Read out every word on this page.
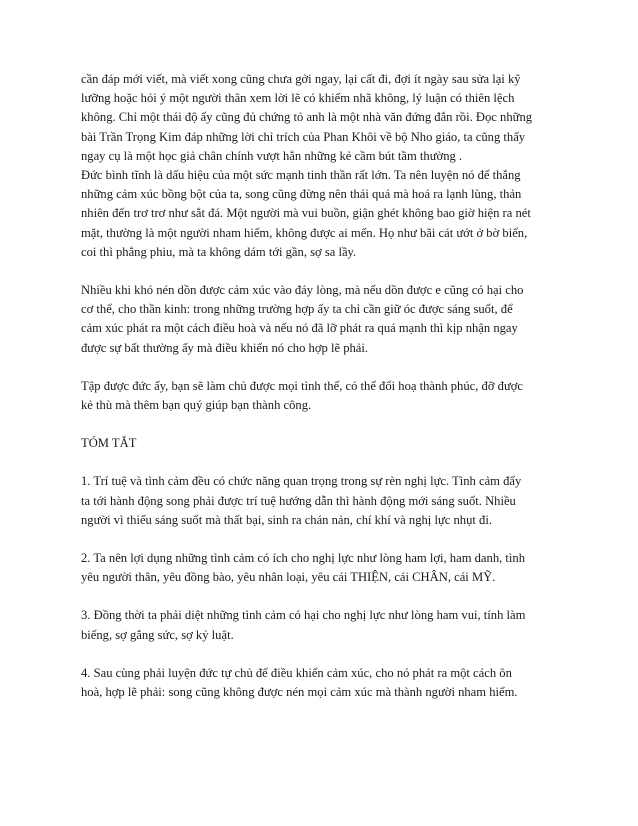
cần đáp mới viết, mà viết xong cũng chưa gởi ngay, lại cất đi, đợi ít ngày sau sửa lại kỹ
lưỡng hoặc hỏi ý một người thân xem lời lẽ có khiếm nhã không, lý luận có thiên lệch
không. Chỉ một thái độ ấy cũng đủ chứng tỏ anh là một nhà văn đứng đắn rồi. Đọc những
bài Trần Trọng Kim đáp những lời chỉ trích của Phan Khôi về bộ Nho giáo, ta cũng thấy
ngay cụ là một học giả chân chính vượt hẳn những kẻ cầm bút tầm thường .

Đức bình tĩnh là dấu hiệu của một sức mạnh tinh thần rất lớn. Ta nên luyện nó để thắng
những cảm xúc bồng bột của ta, song cũng đừng nên thái quá mà hoá ra lạnh lùng, thản
nhiên đến trơ trơ như sắt đá. Một người mà vui buồn, giận ghét không bao giờ hiện ra nét
mặt, thường là một người nham hiểm, không được ai mến. Họ như bãi cát ướt ở bờ biển,
coi thì phẳng phiu, mà ta không dám tới gần, sợ sa lầy.

Nhiều khi khó nén dồn được cảm xúc vào đáy lòng, mà nếu dồn được e cũng có hại cho
cơ thể, cho thần kinh: trong những trường hợp ấy ta chỉ cần giữ óc được sáng suốt, để
cảm xúc phát ra một cách điều hoà và nếu nó đã lỡ phát ra quá mạnh thì kịp nhận ngay
được sự bất thường ấy mà điều khiển nó cho hợp lẽ phải.

Tập được đức ấy, bạn sẽ làm chủ được mọi tình thế, có thể đổi hoạ thành phúc, đỡ được
kẻ thù mà thêm bạn quý giúp bạn thành công.

TÓM TẮT

1. Trí tuệ và tình cảm đều có chức năng quan trọng trong sự rèn nghị lực. Tình cảm đẩy
ta tới hành động song phải được trí tuệ hướng dẫn thì hành động mới sáng suốt. Nhiều
người vì thiếu sáng suốt mà thất bại, sinh ra chán nản, chí khí và nghị lực nhụt đi.

2. Ta nên lợi dụng những tình cảm có ích cho nghị lực như lòng ham lợi, ham danh, tình
yêu người thân, yêu đồng bào, yêu nhân loại, yêu cái THIỆN, cái CHÂN, cái MỸ.

3. Đồng thời ta phải diệt những tình cảm có hại cho nghị lực như lòng ham vui, tính làm
biếng, sợ gắng sức, sợ kỷ luật.

4. Sau cùng phải luyện đức tự chủ để điều khiển cảm xúc, cho nó phát ra một cách ôn
hoà, hợp lẽ phải: song cũng không được nén mọi cảm xúc mà thành người nham hiểm.
